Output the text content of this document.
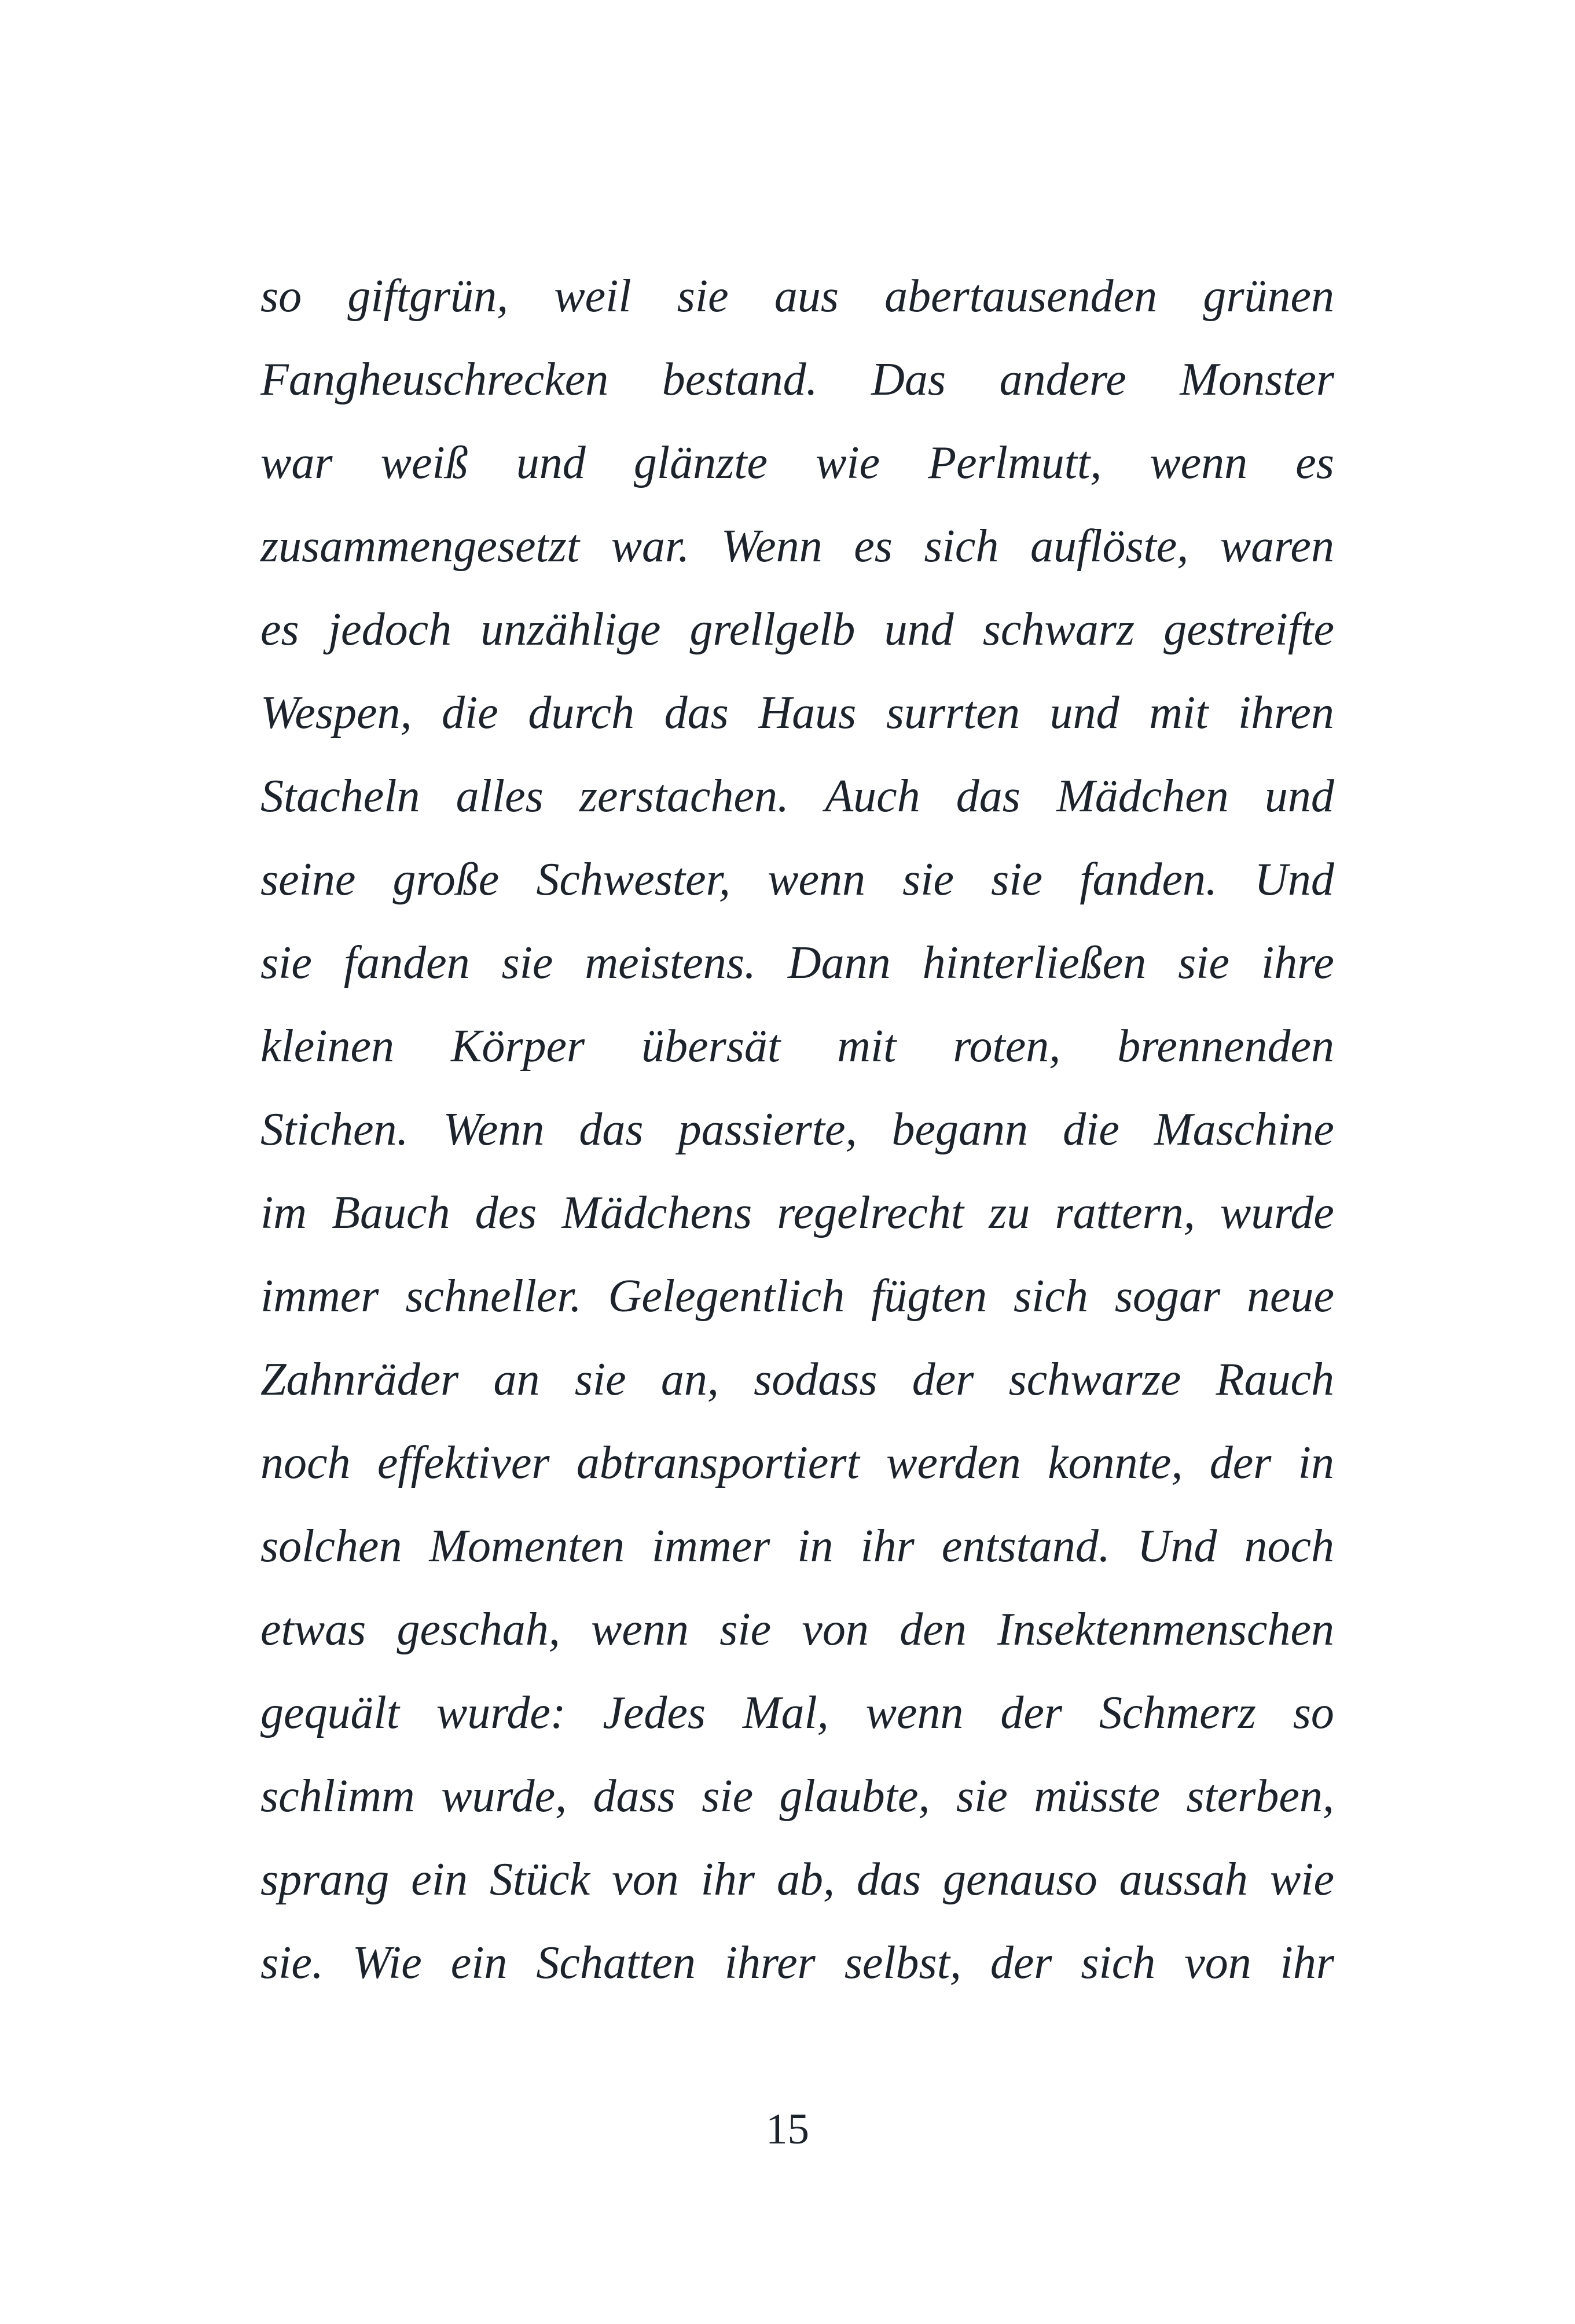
so giftgrün, weil sie aus abertausenden grünen
Fangheuschrecken bestand. Das andere Monster
war weiß und glänzte wie Perlmutt, wenn es
zusammengesetzt war. Wenn es sich auflöste, waren
es jedoch unzählige grellgelb und schwarz gestreifte
Wespen, die durch das Haus surrten und mit ihren
Stacheln alles zerstachen. Auch das Mädchen und
seine große Schwester, wenn sie sie fanden. Und
sie fanden sie meistens. Dann hinterließen sie ihre
kleinen Körper übersät mit roten, brennenden
Stichen. Wenn das passierte, begann die Maschine
im Bauch des Mädchens regelrecht zu rattern, wurde
immer schneller. Gelegentlich fügten sich sogar neue
Zahnräder an sie an, sodass der schwarze Rauch
noch effektiver abtransportiert werden konnte, der in
solchen Momenten immer in ihr entstand. Und noch
etwas geschah, wenn sie von den Insektenmenschen
gequält wurde: Jedes Mal, wenn der Schmerz so
schlimm wurde, dass sie glaubte, sie müsste sterben,
sprang ein Stück von ihr ab, das genauso aussah wie
sie. Wie ein Schatten ihrer selbst, der sich von ihr
15
